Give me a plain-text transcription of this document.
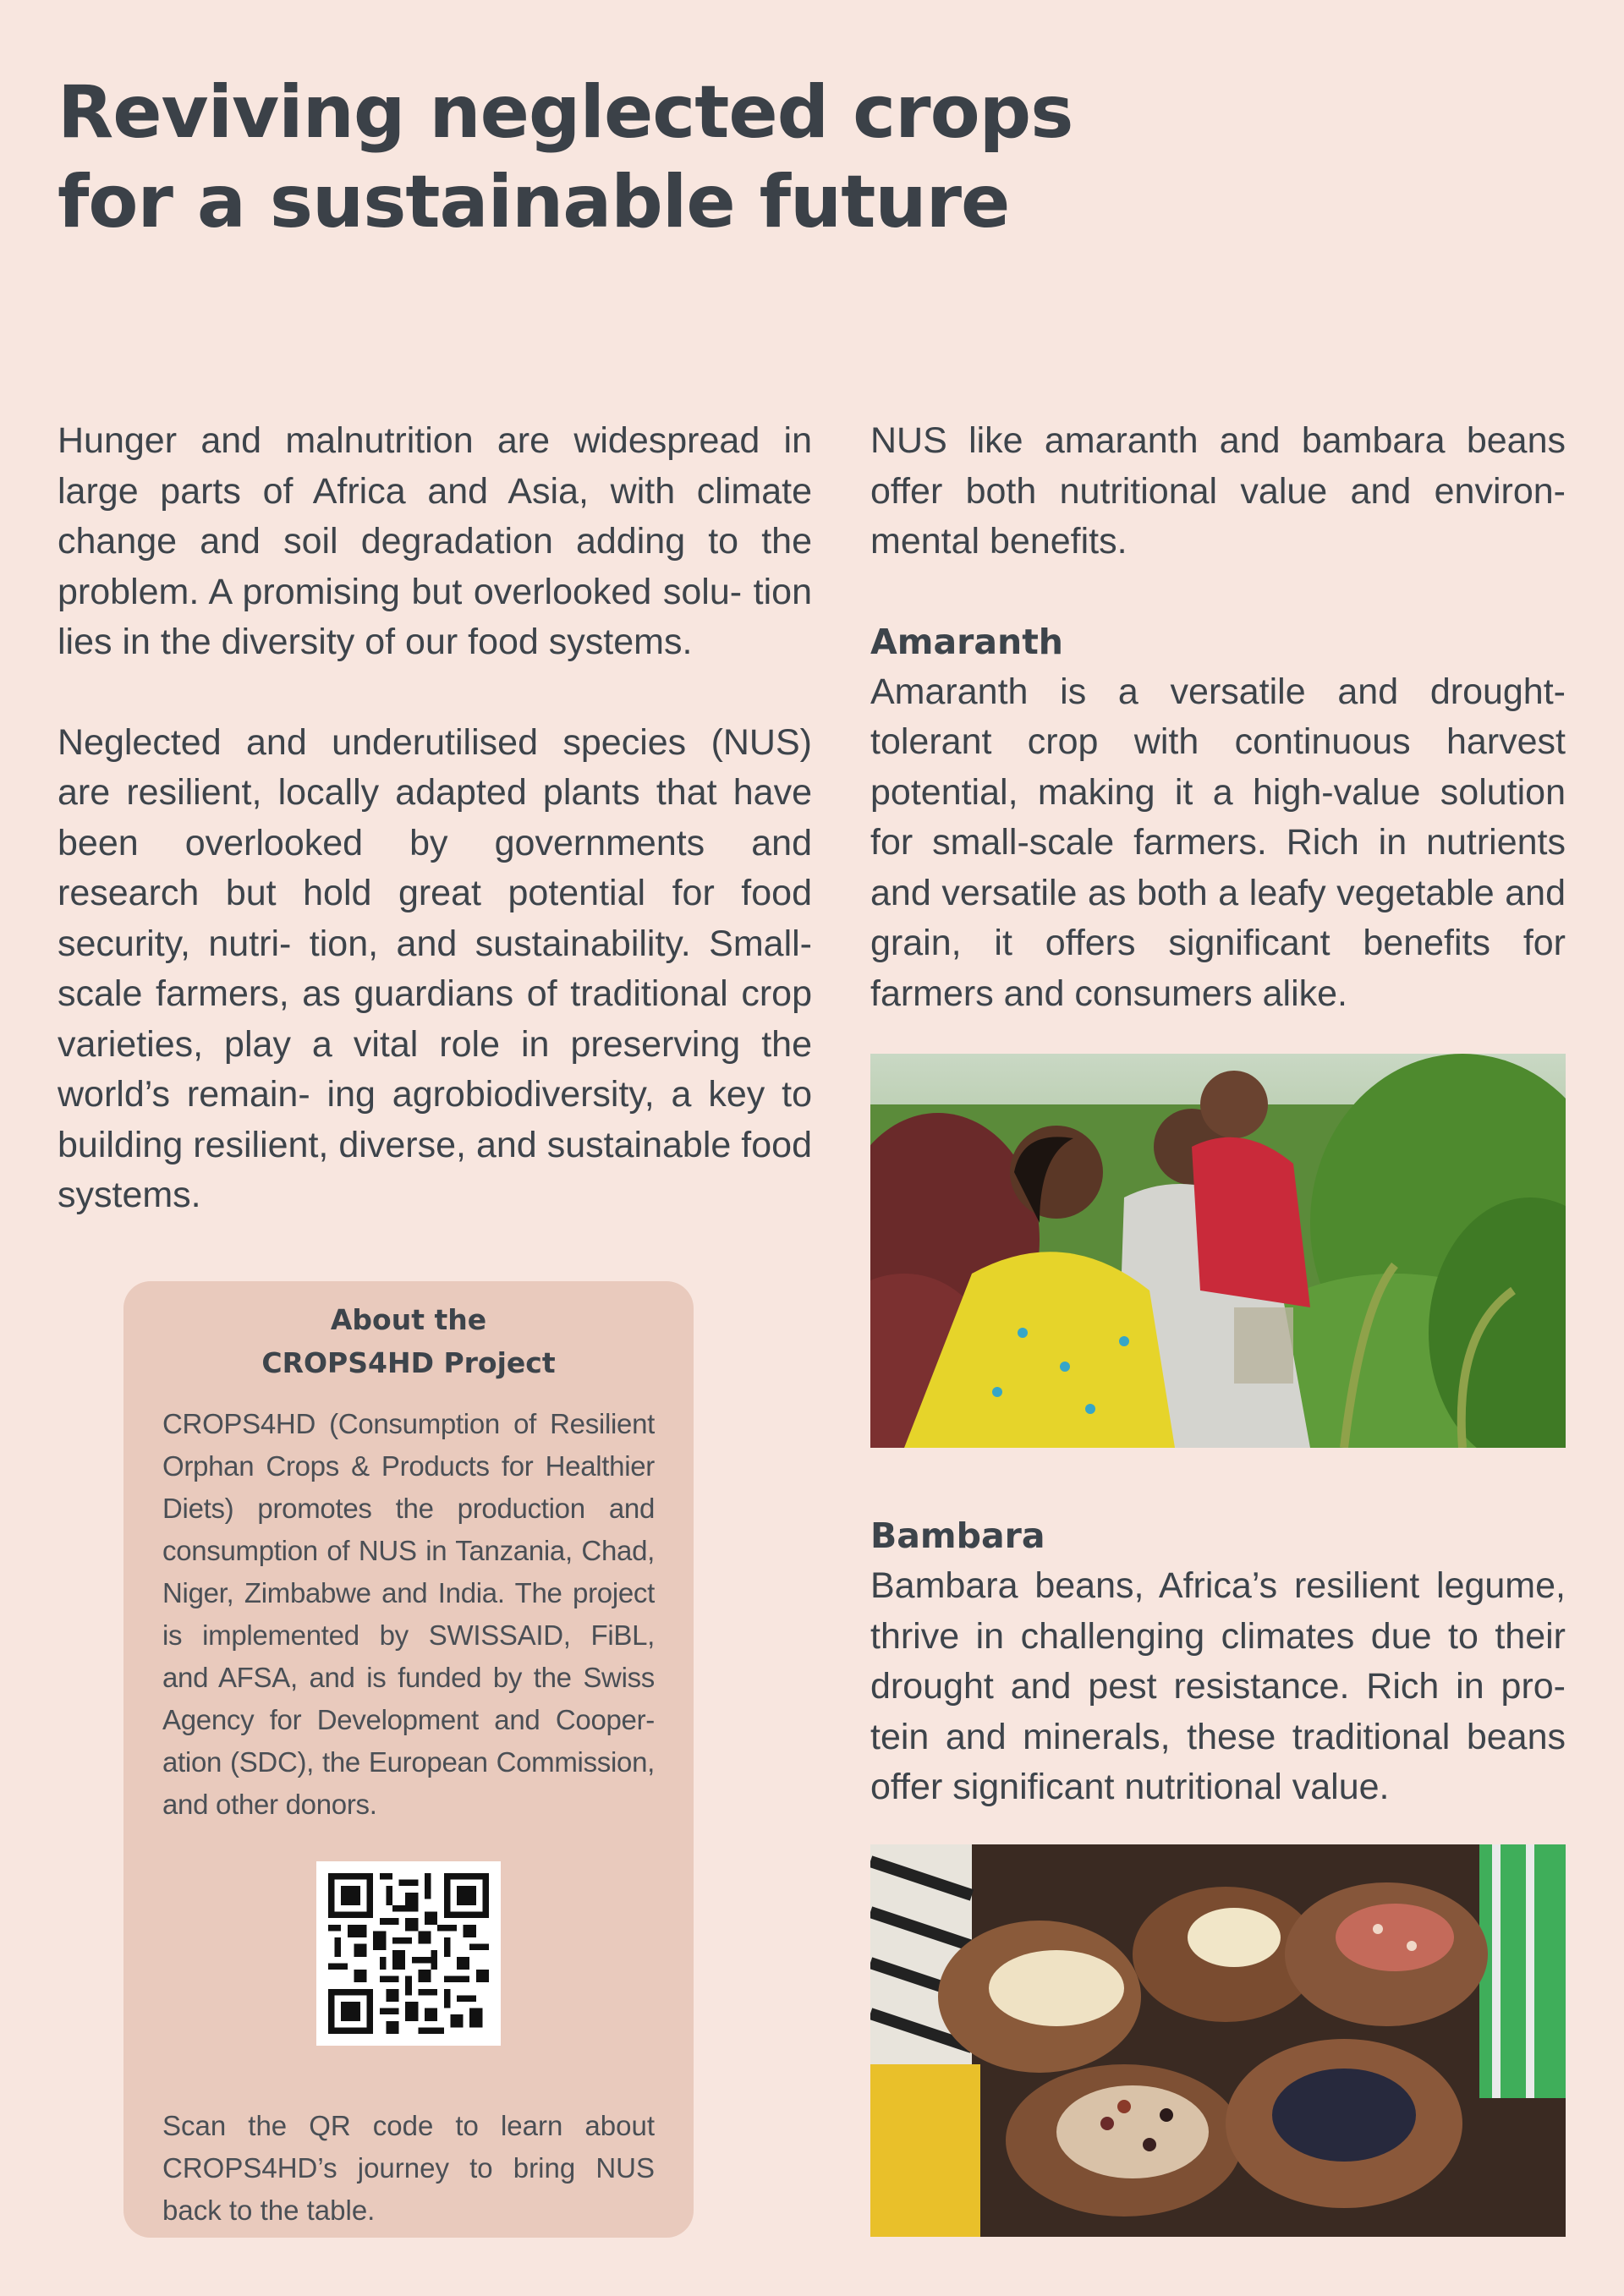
Reviving neglected crops
for a sustainable future

Hunger and malnutrition are widespread in large parts of Africa and Asia, with climate change and soil degradation adding to the problem. A promising but overlooked solu- tion lies in the diversity of our food systems.

Neglected and underutilised species (NUS) are resilient, locally adapted plants that have been overlooked by governments and research but hold great potential for food security, nutri- tion, and sustainability. Small-scale farmers, as guardians of traditional crop varieties, play a vital role in preserving the world’s remain- ing agrobiodiversity, a key to building resilient, diverse, and sustainable food systems.

NUS like amaranth and bambara beans offer both nutritional value and environ- mental benefits.

Amaranth

Amaranth is a versatile and drought- tolerant crop with continuous harvest potential, making it a high-value solution for small-scale farmers. Rich in nutrients and versatile as both a leafy vegetable and grain, it offers significant benefits for farmers and consumers alike.

Bambara

Bambara beans, Africa’s resilient legume, thrive in challenging climates due to their drought and pest resistance. Rich in pro- tein and minerals, these traditional beans offer significant nutritional value.

About the
CROPS4HD Project

CROPS4HD (Consumption of Resilient Orphan Crops & Products for Healthier Diets) promotes the production and consumption of NUS in Tanzania, Chad, Niger, Zimbabwe and India. The project is implemented by SWISSAID, FiBL, and AFSA, and is funded by the Swiss Agency for Development and Cooper- ation (SDC), the European Commission, and other donors.

Scan the QR code to learn about CROPS4HD’s journey to bring NUS back to the table.
